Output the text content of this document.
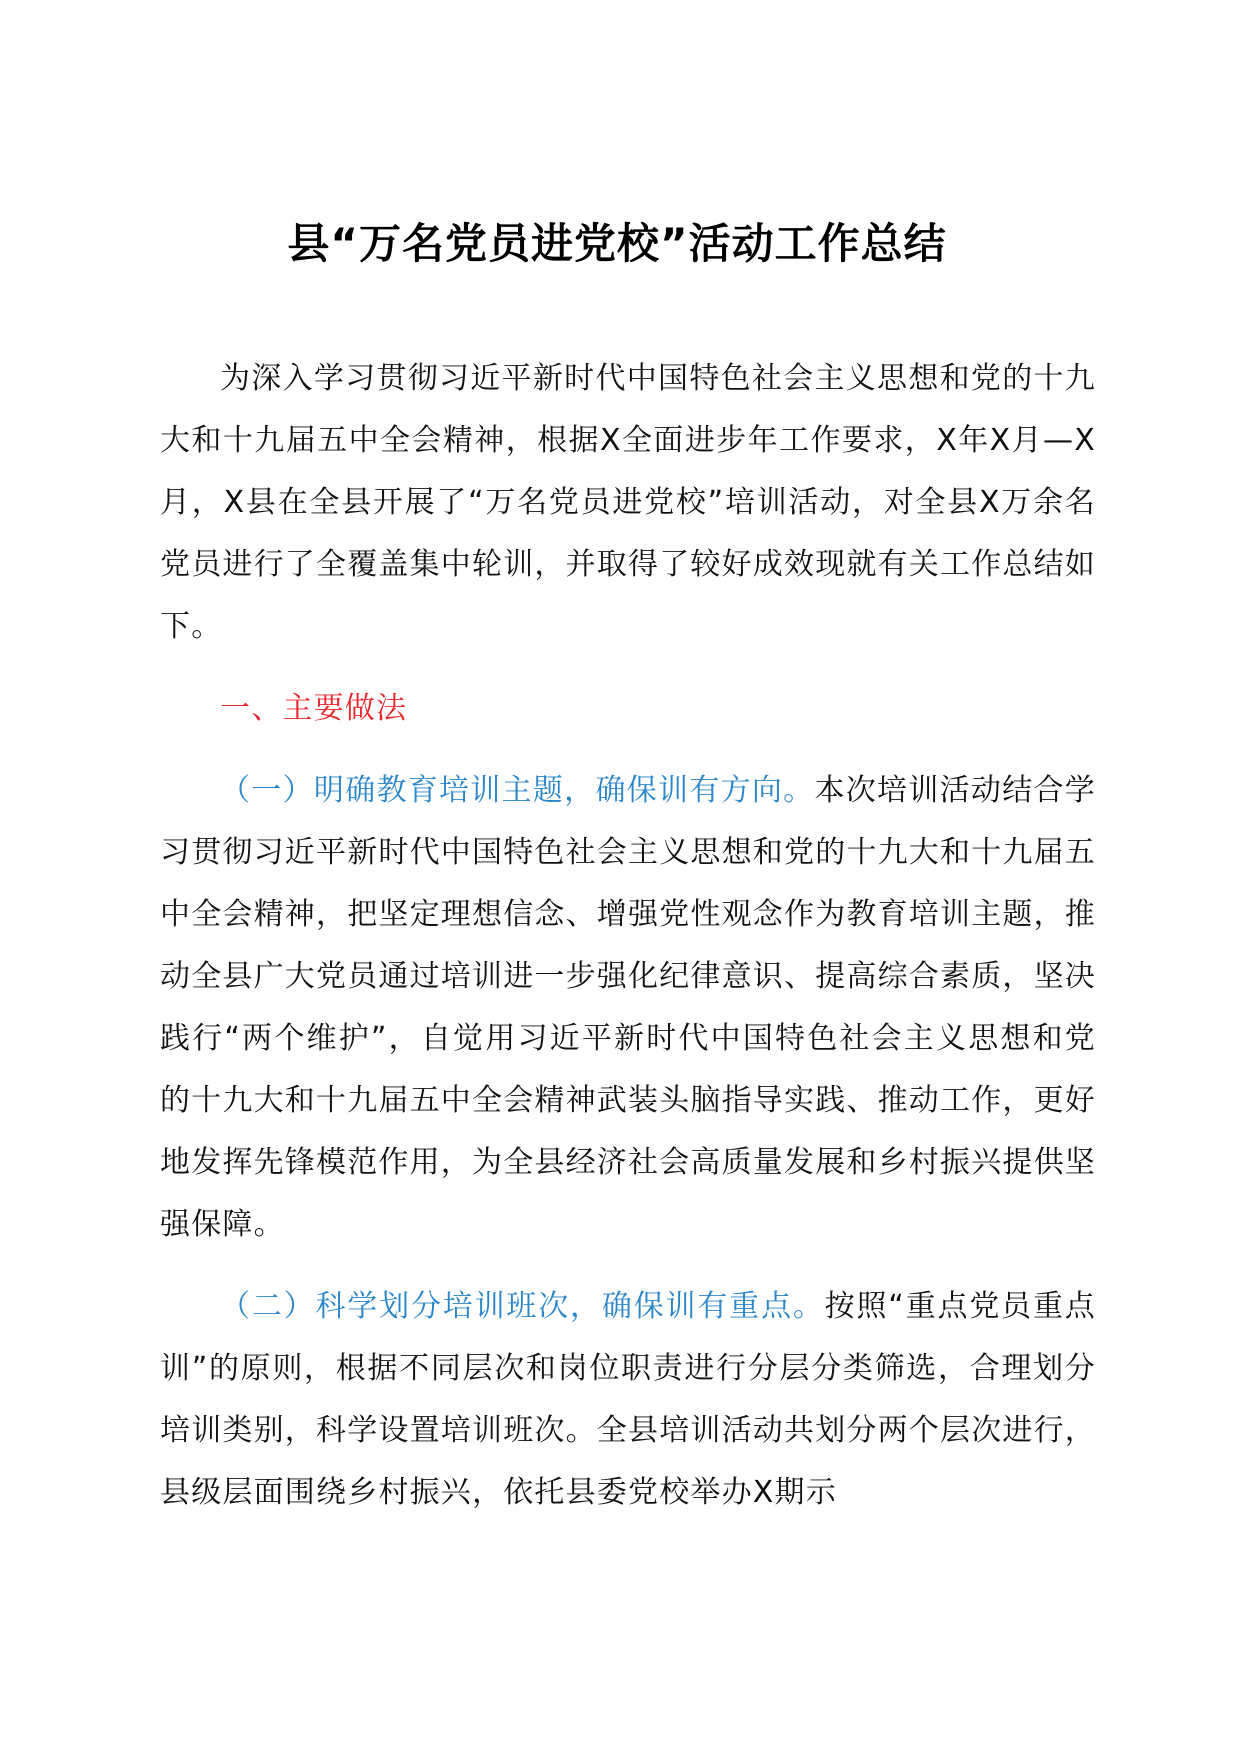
县“万名党员进党校”活动工作总结

为深入学习贯彻习近平新时代中国特色社会主义思想和党的十九大和十九届五中全会精神，根据X全面进步年工作要求，X年X月—X月，X县在全县开展了“万名党员进党校”培训活动，对全县X万余名党员进行了全覆盖集中轮训，并取得了较好成效现就有关工作总结如下。

一、主要做法

（一）明确教育培训主题，确保训有方向。本次培训活动结合学习贯彻习近平新时代中国特色社会主义思想和党的十九大和十九届五中全会精神，把坚定理想信念、增强党性观念作为教育培训主题，推动全县广大党员通过培训进一步强化纪律意识、提高综合素质，坚决践行“两个维护”，自觉用习近平新时代中国特色社会主义思想和党的十九大和十九届五中全会精神武装头脑指导实践、推动工作，更好地发挥先锋模范作用，为全县经济社会高质量发展和乡村振兴提供坚强保障。

（二）科学划分培训班次，确保训有重点。按照“重点党员重点训”的原则，根据不同层次和岗位职责进行分层分类筛选，合理划分培训类别，科学设置培训班次。全县培训活动共划分两个层次进行，县级层面围绕乡村振兴，依托县委党校举办X期示
